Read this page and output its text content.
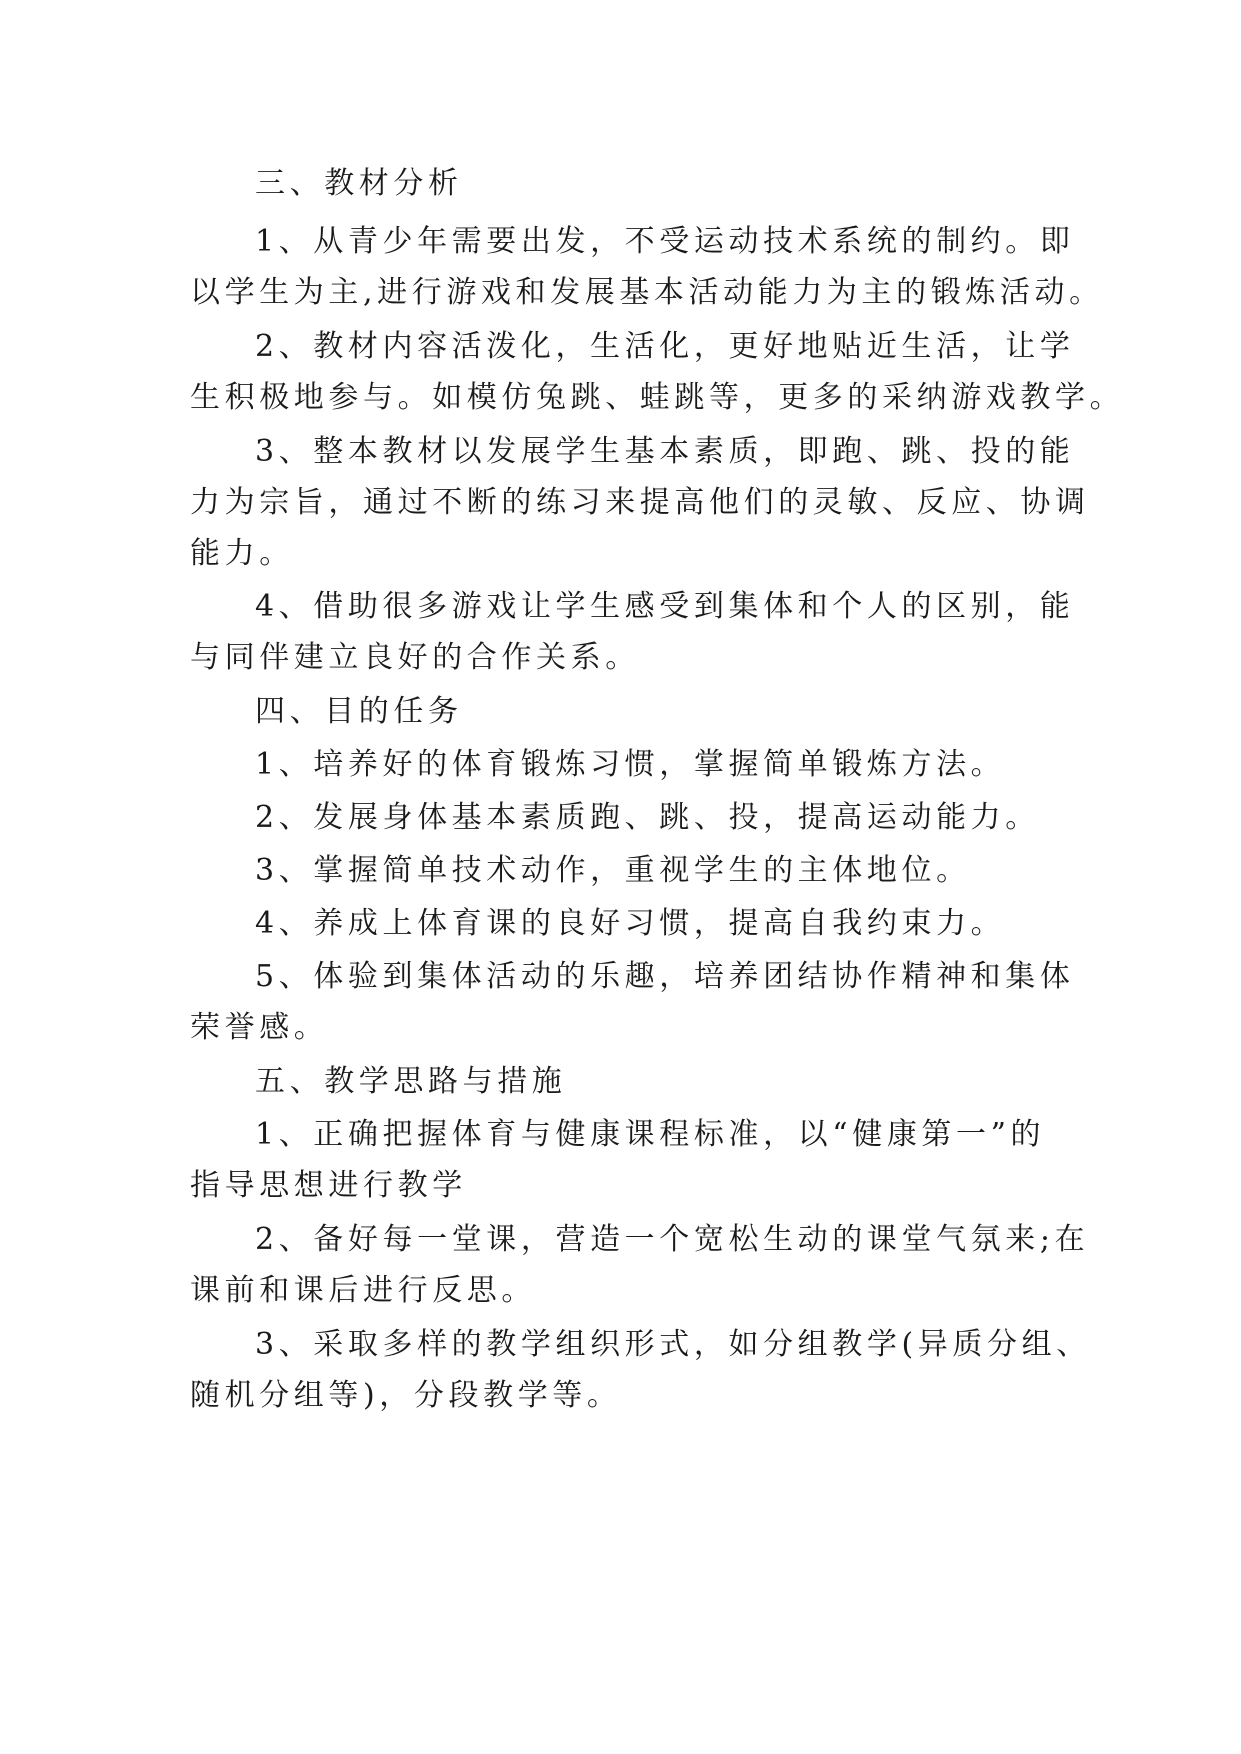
三、教材分析
1、从青少年需要出发，不受运动技术系统的制约。即
以学生为主,进行游戏和发展基本活动能力为主的锻炼活动。
2、教材内容活泼化，生活化，更好地贴近生活，让学
生积极地参与。如模仿兔跳、蛙跳等，更多的采纳游戏教学。
3、整本教材以发展学生基本素质，即跑、跳、投的能
力为宗旨，通过不断的练习来提高他们的灵敏、反应、协调
能力。
4、借助很多游戏让学生感受到集体和个人的区别，能
与同伴建立良好的合作关系。
四、目的任务
1、培养好的体育锻炼习惯，掌握简单锻炼方法。
2、发展身体基本素质跑、跳、投，提高运动能力。
3、掌握简单技术动作，重视学生的主体地位。
4、养成上体育课的良好习惯，提高自我约束力。
5、体验到集体活动的乐趣，培养团结协作精神和集体
荣誉感。
五、教学思路与措施
1、正确把握体育与健康课程标准，以“健康第一”的
指导思想进行教学
2、备好每一堂课，营造一个宽松生动的课堂气氛来;在
课前和课后进行反思。
3、采取多样的教学组织形式，如分组教学(异质分组、
随机分组等)，分段教学等。
